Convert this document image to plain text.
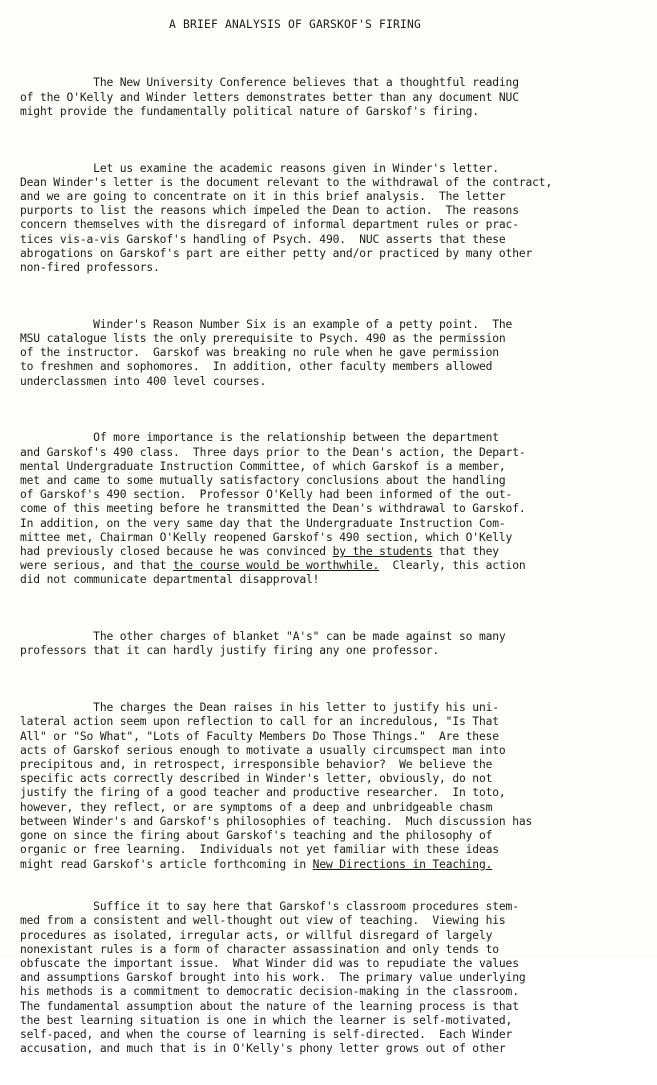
A BRIEF ANALYSIS OF GARSKOF'S FIRING

The New University Conference believes that a thoughtful reading
of the O'Kelly and Winder letters demonstrates better than any document NUC
might provide the fundamentally political nature of Garskof's firing.

Let us examine the academic reasons given in Winder's letter.
Dean Winder's letter is the document relevant to the withdrawal of the contract,
and we are going to concentrate on it in this brief analysis.  The letter
purports to list the reasons which impeled the Dean to action.  The reasons
concern themselves with the disregard of informal department rules or prac-
tices vis-a-vis Garskof's handling of Psych. 490.  NUC asserts that these
abrogations on Garskof's part are either petty and/or practiced by many other
non-fired professors.

Winder's Reason Number Six is an example of a petty point.  The
MSU catalogue lists the only prerequisite to Psych. 490 as the permission
of the instructor.  Garskof was breaking no rule when he gave permission
to freshmen and sophomores.  In addition, other faculty members allowed
underclassmen into 400 level courses.

Of more importance is the relationship between the department
and Garskof's 490 class.  Three days prior to the Dean's action, the Depart-
mental Undergraduate Instruction Committee, of which Garskof is a member,
met and came to some mutually satisfactory conclusions about the handling
of Garskof's 490 section.  Professor O'Kelly had been informed of the out-
come of this meeting before he transmitted the Dean's withdrawal to Garskof.
In addition, on the very same day that the Undergraduate Instruction Com-
mittee met, Chairman O'Kelly reopened Garskof's 490 section, which O'Kelly
had previously closed because he was convinced by the students that they
were serious, and that the course would be worthwhile.  Clearly, this action
did not communicate departmental disapproval!

The other charges of blanket "A's" can be made against so many
professors that it can hardly justify firing any one professor.

The charges the Dean raises in his letter to justify his uni-
lateral action seem upon reflection to call for an incredulous, "Is That
All" or "So What", "Lots of Faculty Members Do Those Things."  Are these
acts of Garskof serious enough to motivate a usually circumspect man into
precipitous and, in retrospect, irresponsible behavior?  We believe the
specific acts correctly described in Winder's letter, obviously, do not
justify the firing of a good teacher and productive researcher.  In toto,
however, they reflect, or are symptoms of a deep and unbridgeable chasm
between Winder's and Garskof's philosophies of teaching.  Much discussion has
gone on since the firing about Garskof's teaching and the philosophy of
organic or free learning.  Individuals not yet familiar with these ideas
might read Garskof's article forthcoming in New Directions in Teaching.

Suffice it to say here that Garskof's classroom procedures stem-
med from a consistent and well-thought out view of teaching.  Viewing his
procedures as isolated, irregular acts, or willful disregard of largely
nonexistant rules is a form of character assassination and only tends to
obfuscate the important issue.  What Winder did was to repudiate the values
and assumptions Garskof brought into his work.  The primary value underlying
his methods is a commitment to democratic decision-making in the classroom.
The fundamental assumption about the nature of the learning process is that
the best learning situation is one in which the learner is self-motivated,
self-paced, and when the course of learning is self-directed.  Each Winder
accusation, and much that is in O'Kelly's phony letter grows out of other
